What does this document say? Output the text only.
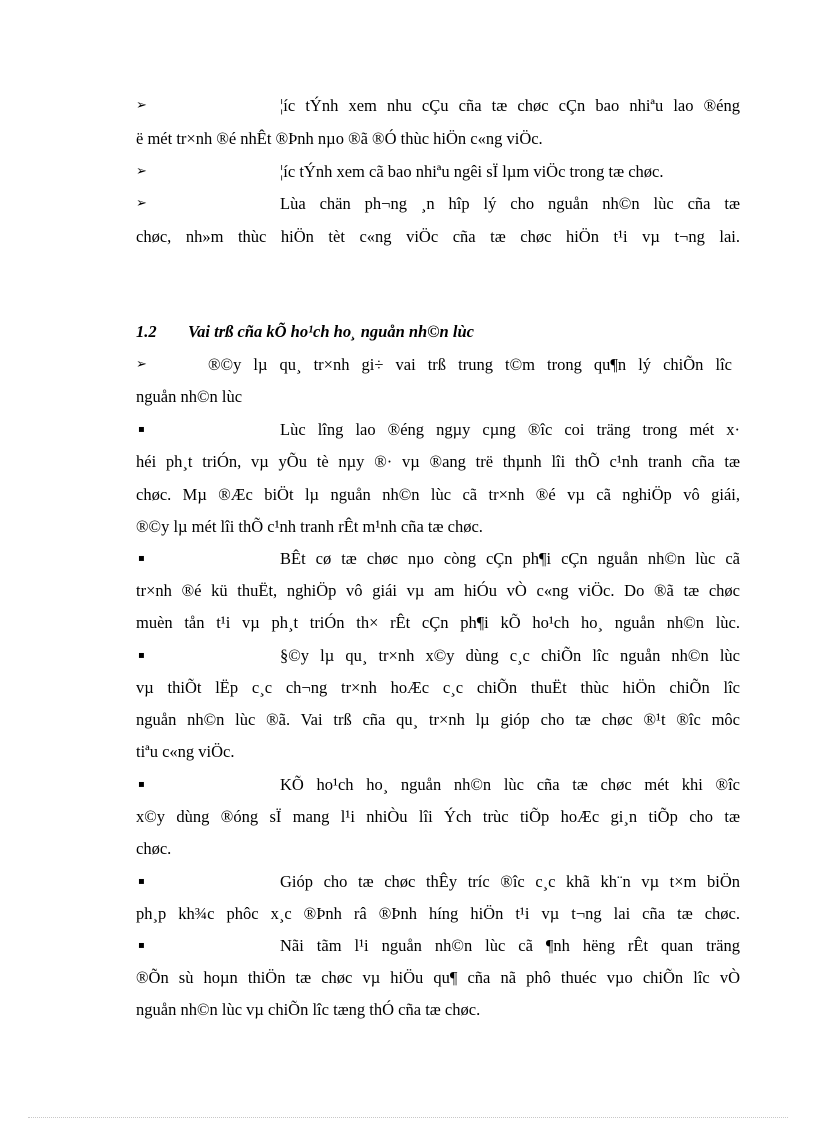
➢	¦íc tÝnh xem nhu cÇu cña tæ chøc cÇn bao nhiªu lao ®éng
ë mét tr×nh ®é nhÊt ®Þnh nµo ®ã ®Ó thùc hiÖn c«ng viÖc.
➢	¦íc tÝnh xem cã bao nhiªu ngêi sÏ lµm viÖc trong tæ chøc.
➢	Lùa chän ph¬ng ¸n hîp lý cho nguån nh©n lùc cña tæ
chøc, nh»m thùc hiÖn tèt c«ng viÖc cña tæ chøc hiÖn t¹i vµ t¬ng lai.
1.2 Vai trß cña kÕ ho¹ch ho¸ nguån nh©n lùc
➢	®©y lµ qu¸ tr×nh gi÷ vai trß trung t©m trong qu¶n lý chiÕn lîc
nguån nh©n lùc
▪	Lùc lîng lao ®éng ngµy cµng ®îc coi träng trong mét x·
héi ph¸t triÓn, vµ yÕu tè nµy ®· vµ ®ang trë thµnh lîi thÕ c¹nh tranh cña tæ
chøc. Mµ ®Æc biÖt lµ nguån nh©n lùc cã tr×nh ®é vµ cã nghiÖp vô giái,
®©y lµ mét lîi thÕ c¹nh tranh rÊt m¹nh cña tæ chøc.
▪	BÊt cø tæ chøc nµo còng cÇn ph¶i cÇn nguån nh©n lùc cã
tr×nh ®é kü thuËt, nghiÖp vô giái vµ am hiÓu vÒ c«ng viÖc. Do ®ã tæ chøc
muèn tån t¹i vµ ph¸t triÓn th× rÊt cÇn ph¶i kÕ ho¹ch ho¸ nguån nh©n lùc.
▪	§©y lµ qu¸ tr×nh x©y dùng c¸c chiÕn lîc nguån nh©n lùc
vµ thiÕt lËp c¸c ch¬ng tr×nh hoÆc c¸c chiÕn thuËt thùc hiÖn chiÕn lîc
nguån nh©n lùc ®ã. Vai trß cña qu¸ tr×nh lµ gióp cho tæ chøc ®¹t ®îc môc
tiªu c«ng viÖc.
▪	KÕ ho¹ch ho¸ nguån nh©n lùc cña tæ chøc mét khi ®îc
x©y dùng ®óng sÏ mang l¹i nhiÒu lîi Ých trùc tiÕp hoÆc gi¸n tiÕp cho tæ
chøc.
▪	Gióp cho tæ chøc thÊy tríc ®îc c¸c khã kh¨n vµ t×m biÖn
ph¸p kh¾c phôc x¸c ®Þnh râ ®Þnh híng hiÖn t¹i vµ t¬ng lai cña tæ chøc.
▪	Nãi tãm l¹i nguån nh©n lùc cã ¶nh hëng rÊt quan träng
®Õn sù hoµn thiÖn tæ chøc vµ hiÖu qu¶ cña nã phô thuéc vµo chiÕn lîc vÒ
nguån nh©n lùc vµ chiÕn lîc tæng thÓ cña tæ chøc.
